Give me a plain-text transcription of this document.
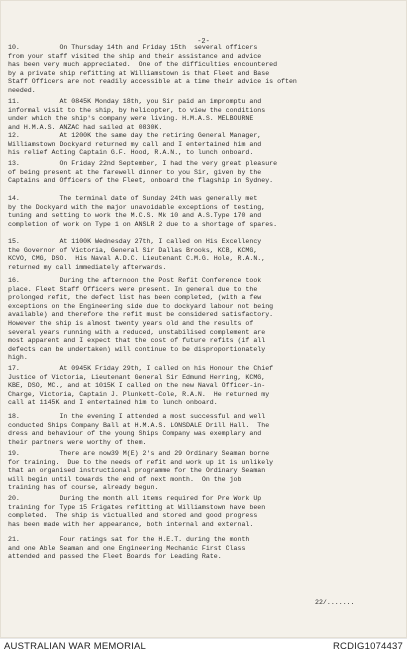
-2-
10.          On Thursday 14th and Friday 15th  several officers
from your staff visited the ship and their assistance and advice
has been very much appreciated.  One of the difficulties encountered
by a private ship refitting at Williamstown is that Fleet and Base
Staff Officers are not readily accessible at a time their advice is often
needed.
11.          At 0845K Monday 18th, you Sir paid an impromptu and
informal visit to the ship, by helicopter, to view the conditions
under which the ship's company were living. H.M.A.S. MELBOURNE
and H.M.A.S. ANZAC had sailed at 0830K.
12.          At 1200K the same day the retiring General Manager,
Williamstown Dockyard returned my call and I entertained him and
his relief Acting Captain G.F. Hood, R.A.N., to lunch onboard.
13.          On Friday 22nd September, I had the very great pleasure
of being present at the farewell dinner to you Sir, given by the
Captains and Officers of the Fleet, onboard the flagship in Sydney.
14.          The terminal date of Sunday 24th was generally met
by the Dockyard with the major unavoidable exceptions of testing,
tuning and setting to work the M.C.S. Mk 10 and A.S.Type 170 and
completion of work on Type 1 on ANSLR 2 due to a shortage of spares.
15.          At 1100K Wednesday 27th, I called on His Excellency
the Governor of Victoria, General Sir Dallas Brooks, KCB, KCMG,
KCVO, CMG, DSO.  His Naval A.D.C. Lieutenant C.M.G. Hole, R.A.N.,
returned my call immediately afterwards.
16.          During the afternoon the Post Refit Conference took
place. Fleet Staff Officers were present. In general due to the
prolonged refit, the defect list has been completed, (with a few
exceptions on the Engineering side due to dockyard labour not being
available) and therefore the refit must be considered satisfactory.
However the ship is almost twenty years old and the results of
several years running with a reduced, unstabilised complement are
most apparent and I expect that the cost of future refits (if all
defects can be undertaken) will continue to be disproportionately
high.
17.          At 0945K Friday 29th, I called on his Honour the Chief
Justice of Victoria, Lieutenant General Sir Edmund Herring, KCMG,
KBE, DSO, MC., and at 1015K I called on the new Naval Officer-in-
Charge, Victoria, Captain J. Plunkett-Cole, R.A.N.  He returned my
call at 1145K and I entertained him to lunch onboard.
18.          In the evening I attended a most successful and well
conducted Ships Company Ball at H.M.A.S. LONSDALE Drill Hall.  The
dress and behaviour of the young Ships Company was exemplary and
their partners were worthy of them.
19.          There are now39 M(E) 2's and 29 Ordinary Seaman borne
for training.  Due to the needs of refit and work up it is unlikely
that an organised instructional programme for the Ordinary Seaman
will begin until towards the end of next month.  On the job
training has of course, already begun.
20.          During the month all items required for Pre Work Up
training for Type 15 Frigates refitting at Williamstown have been
completed.  The ship is victualled and stored and good progress
has been made with her appearance, both internal and external.
21.          Four ratings sat for the H.E.T. during the month
and one Able Seaman and one Engineering Mechanic First Class
attended and passed the Fleet Boards for Leading Rate.

22/.......

AUSTRALIAN WAR MEMORIAL	RCDIG1074437
